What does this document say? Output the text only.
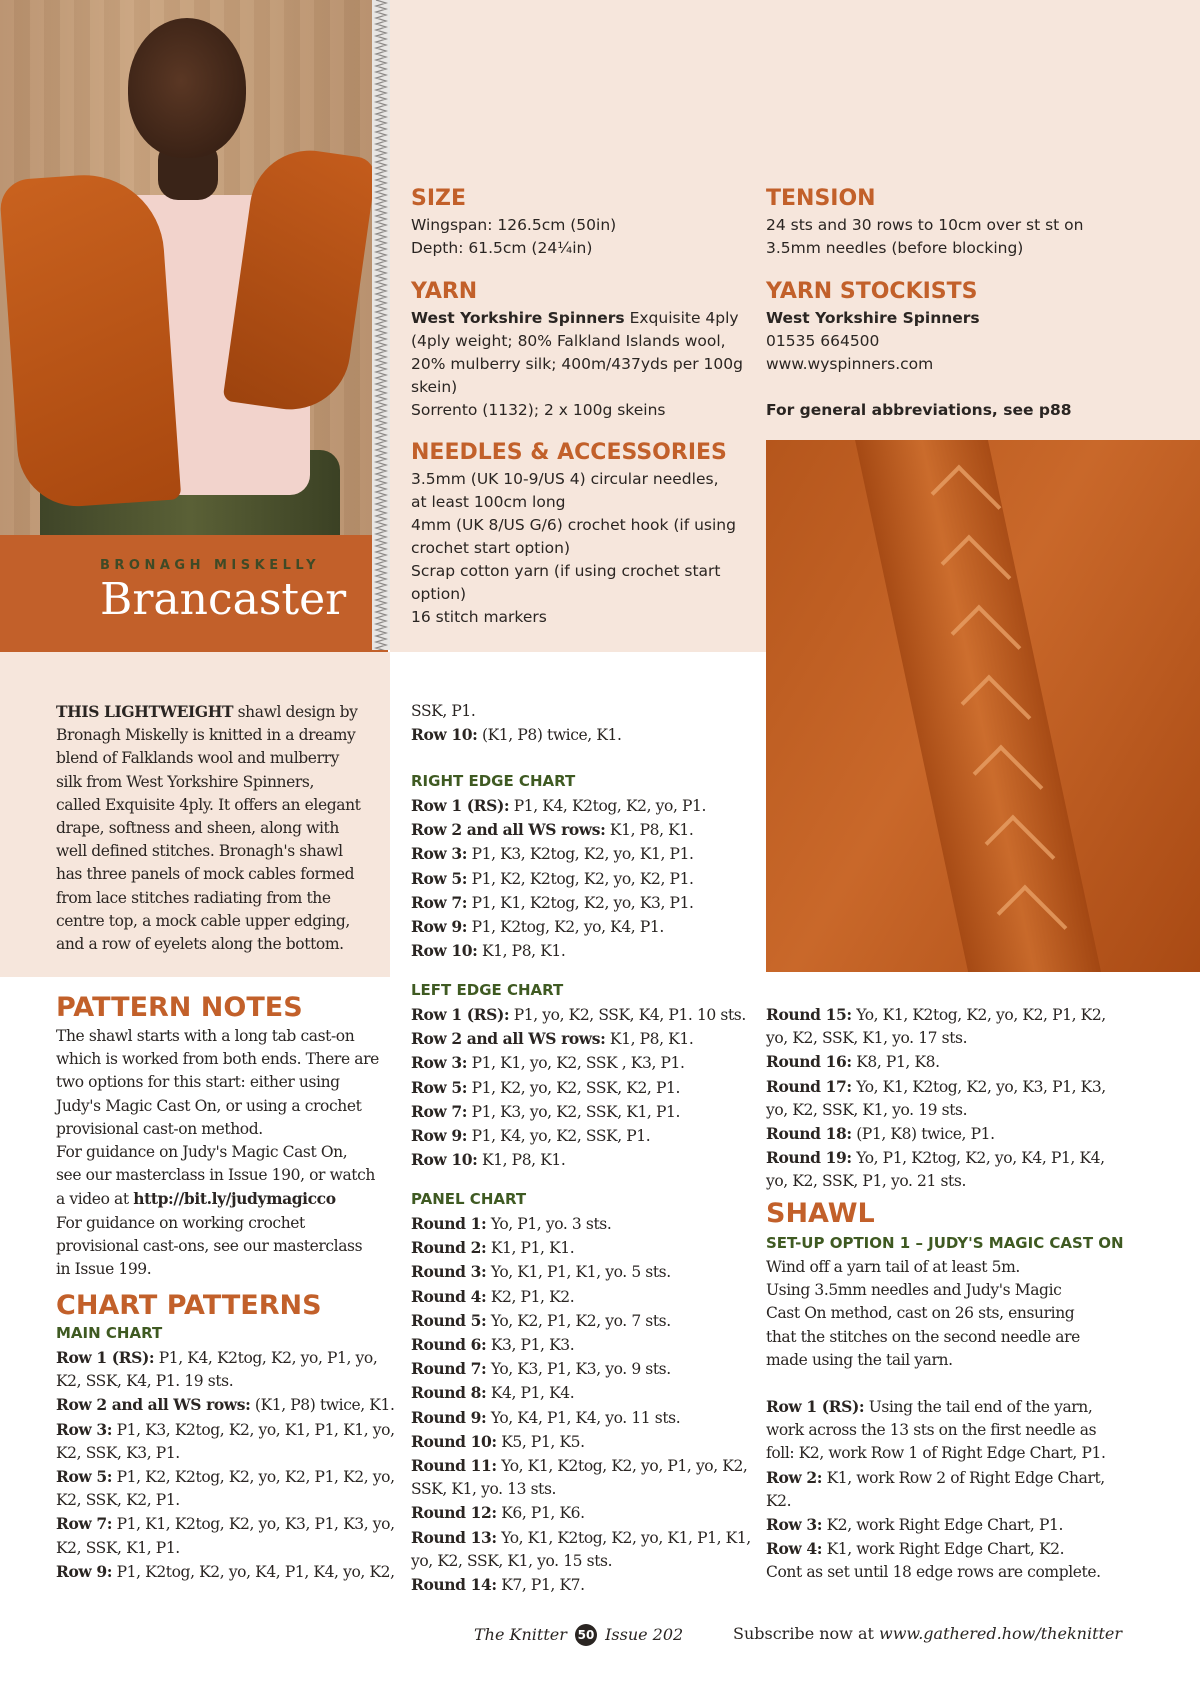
BRONAGH MISKELLY
Brancaster
SIZE
Wingspan: 126.5cm (50in)
Depth: 61.5cm (24¼in)
TENSION
24 sts and 30 rows to 10cm over st st on
3.5mm needles (before blocking)
YARN
West Yorkshire Spinners Exquisite 4ply
(4ply weight; 80% Falkland Islands wool,
20% mulberry silk; 400m/437yds per 100g
skein)
Sorrento (1132); 2 x 100g skeins
YARN STOCKISTS
West Yorkshire Spinners
01535 664500
www.wyspinners.com

For general abbreviations, see p88
NEEDLES & ACCESSORIES
3.5mm (UK 10-9/US 4) circular needles,
at least 100cm long
4mm (UK 8/US G/6) crochet hook (if using
crochet start option)
Scrap cotton yarn (if using crochet start
option)
16 stitch markers
THIS LIGHTWEIGHT shawl design by
Bronagh Miskelly is knitted in a dreamy
blend of Falklands wool and mulberry
silk from West Yorkshire Spinners,
called Exquisite 4ply. It offers an elegant
drape, softness and sheen, along with
well defined stitches. Bronagh's shawl
has three panels of mock cables formed
from lace stitches radiating from the
centre top, a mock cable upper edging,
and a row of eyelets along the bottom.
PATTERN NOTES
The shawl starts with a long tab cast-on
which is worked from both ends. There are
two options for this start: either using
Judy's Magic Cast On, or using a crochet
provisional cast-on method.
For guidance on Judy's Magic Cast On,
see our masterclass in Issue 190, or watch
a video at http://bit.ly/judymagicco
For guidance on working crochet
provisional cast-ons, see our masterclass
in Issue 199.
CHART PATTERNS
MAIN CHART
Row 1 (RS): P1, K4, K2tog, K2, yo, P1, yo,
K2, SSK, K4, P1. 19 sts.
Row 2 and all WS rows: (K1, P8) twice, K1.
Row 3: P1, K3, K2tog, K2, yo, K1, P1, K1, yo,
K2, SSK, K3, P1.
Row 5: P1, K2, K2tog, K2, yo, K2, P1, K2, yo,
K2, SSK, K2, P1.
Row 7: P1, K1, K2tog, K2, yo, K3, P1, K3, yo,
K2, SSK, K1, P1.
Row 9: P1, K2tog, K2, yo, K4, P1, K4, yo, K2,
SSK, P1.
Row 10: (K1, P8) twice, K1.
RIGHT EDGE CHART
Row 1 (RS): P1, K4, K2tog, K2, yo, P1.
Row 2 and all WS rows: K1, P8, K1.
Row 3: P1, K3, K2tog, K2, yo, K1, P1.
Row 5: P1, K2, K2tog, K2, yo, K2, P1.
Row 7: P1, K1, K2tog, K2, yo, K3, P1.
Row 9: P1, K2tog, K2, yo, K4, P1.
Row 10: K1, P8, K1.
LEFT EDGE CHART
Row 1 (RS): P1, yo, K2, SSK, K4, P1. 10 sts.
Row 2 and all WS rows: K1, P8, K1.
Row 3: P1, K1, yo, K2, SSK , K3, P1.
Row 5: P1, K2, yo, K2, SSK, K2, P1.
Row 7: P1, K3, yo, K2, SSK, K1, P1.
Row 9: P1, K4, yo, K2, SSK, P1.
Row 10: K1, P8, K1.
PANEL CHART
Round 1: Yo, P1, yo. 3 sts.
Round 2: K1, P1, K1.
Round 3: Yo, K1, P1, K1, yo. 5 sts.
Round 4: K2, P1, K2.
Round 5: Yo, K2, P1, K2, yo. 7 sts.
Round 6: K3, P1, K3.
Round 7: Yo, K3, P1, K3, yo. 9 sts.
Round 8: K4, P1, K4.
Round 9: Yo, K4, P1, K4, yo. 11 sts.
Round 10: K5, P1, K5.
Round 11: Yo, K1, K2tog, K2, yo, P1, yo, K2,
SSK, K1, yo. 13 sts.
Round 12: K6, P1, K6.
Round 13: Yo, K1, K2tog, K2, yo, K1, P1, K1,
yo, K2, SSK, K1, yo. 15 sts.
Round 14: K7, P1, K7.
Round 15: Yo, K1, K2tog, K2, yo, K2, P1, K2,
yo, K2, SSK, K1, yo. 17 sts.
Round 16: K8, P1, K8.
Round 17: Yo, K1, K2tog, K2, yo, K3, P1, K3,
yo, K2, SSK, K1, yo. 19 sts.
Round 18: (P1, K8) twice, P1.
Round 19: Yo, P1, K2tog, K2, yo, K4, P1, K4,
yo, K2, SSK, P1, yo. 21 sts.
SHAWL
SET-UP OPTION 1 – JUDY'S MAGIC CAST ON
Wind off a yarn tail of at least 5m.
Using 3.5mm needles and Judy's Magic
Cast On method, cast on 26 sts, ensuring
that the stitches on the second needle are
made using the tail yarn.
Row 1 (RS): Using the tail end of the yarn,
work across the 13 sts on the first needle as
foll: K2, work Row 1 of Right Edge Chart, P1.
Row 2: K1, work Row 2 of Right Edge Chart,
K2.
Row 3: K2, work Right Edge Chart, P1.
Row 4: K1, work Right Edge Chart, K2.
Cont as set until 18 edge rows are complete.
The Knitter 50 Issue 202	Subscribe now at www.gathered.how/theknitter
